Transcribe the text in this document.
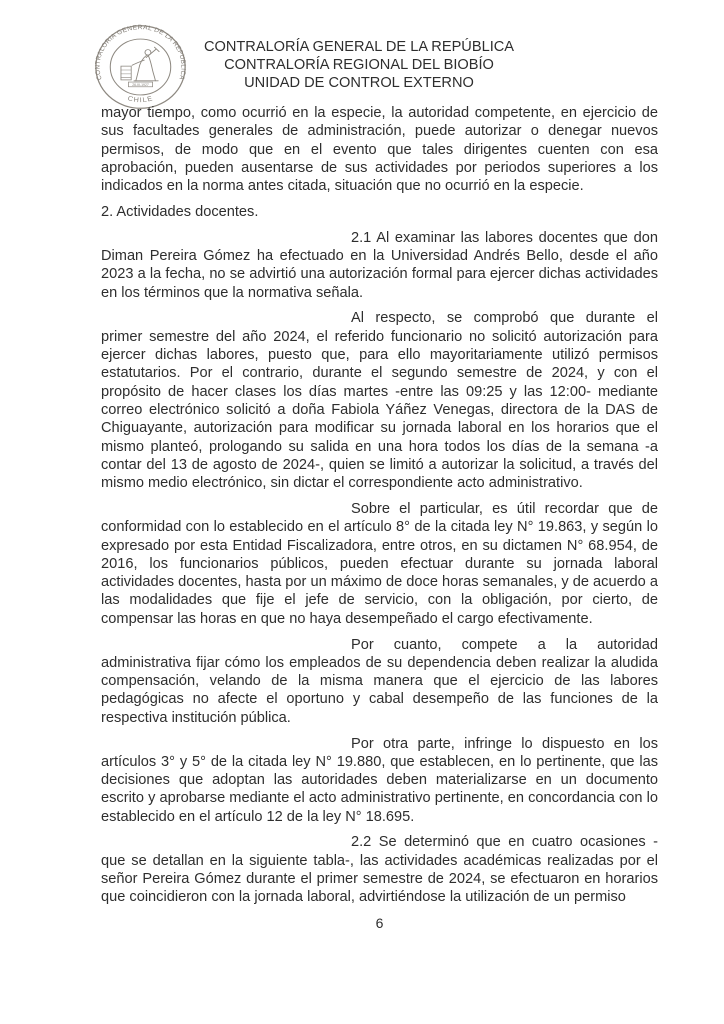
CONTRALORIA GENERAL DE LA REPUBLICA
CHILE
26-III-1927
CONTRALORÍA GENERAL DE LA REPÚBLICA
CONTRALORÍA REGIONAL DEL BIOBÍO
UNIDAD DE CONTROL EXTERNO

mayor tiempo, como ocurrió en la especie, la autoridad competente, en ejercicio de sus facultades generales de administración, puede autorizar o denegar nuevos permisos, de modo que en el evento que tales dirigentes cuenten con esa aprobación, pueden ausentarse de sus actividades por periodos superiores a los indicados en la norma antes citada, situación que no ocurrió en la especie.

2. Actividades docentes.

2.1 Al examinar las labores docentes que don Diman Pereira Gómez ha efectuado en la Universidad Andrés Bello, desde el año 2023 a la fecha, no se advirtió una autorización formal para ejercer dichas actividades en los términos que la normativa señala.

Al respecto, se comprobó que durante el primer semestre del año 2024, el referido funcionario no solicitó autorización para ejercer dichas labores, puesto que, para ello mayoritariamente utilizó permisos estatutarios. Por el contrario, durante el segundo semestre de 2024, y con el propósito de hacer clases los días martes -entre las 09:25 y las 12:00- mediante correo electrónico solicitó a doña Fabiola Yáñez Venegas, directora de la DAS de Chiguayante, autorización para modificar su jornada laboral en los horarios que el mismo planteó, prologando su salida en una hora todos los días de la semana -a contar del 13 de agosto de 2024-, quien se limitó a autorizar la solicitud, a través del mismo medio electrónico, sin dictar el correspondiente acto administrativo.

Sobre el particular, es útil recordar que de conformidad con lo establecido en el artículo 8° de la citada ley N° 19.863, y según lo expresado por esta Entidad Fiscalizadora, entre otros, en su dictamen N° 68.954, de 2016, los funcionarios públicos, pueden efectuar durante su jornada laboral actividades docentes, hasta por un máximo de doce horas semanales, y de acuerdo a las modalidades que fije el jefe de servicio, con la obligación, por cierto, de compensar las horas en que no haya desempeñado el cargo efectivamente.

Por cuanto, compete a la autoridad administrativa fijar cómo los empleados de su dependencia deben realizar la aludida compensación, velando de la misma manera que el ejercicio de las labores pedagógicas no afecte el oportuno y cabal desempeño de las funciones de la respectiva institución pública.

Por otra parte, infringe lo dispuesto en los artículos 3° y 5° de la citada ley N° 19.880, que establecen, en lo pertinente, que las decisiones que adoptan las autoridades deben materializarse en un documento escrito y aprobarse mediante el acto administrativo pertinente, en concordancia con lo establecido en el artículo 12 de la ley N° 18.695.

2.2 Se determinó que en cuatro ocasiones -que se detallan en la siguiente tabla-, las actividades académicas realizadas por el señor Pereira Gómez durante el primer semestre de 2024, se efectuaron en horarios que coincidieron con la jornada laboral, advirtiéndose la utilización de un permiso

6
